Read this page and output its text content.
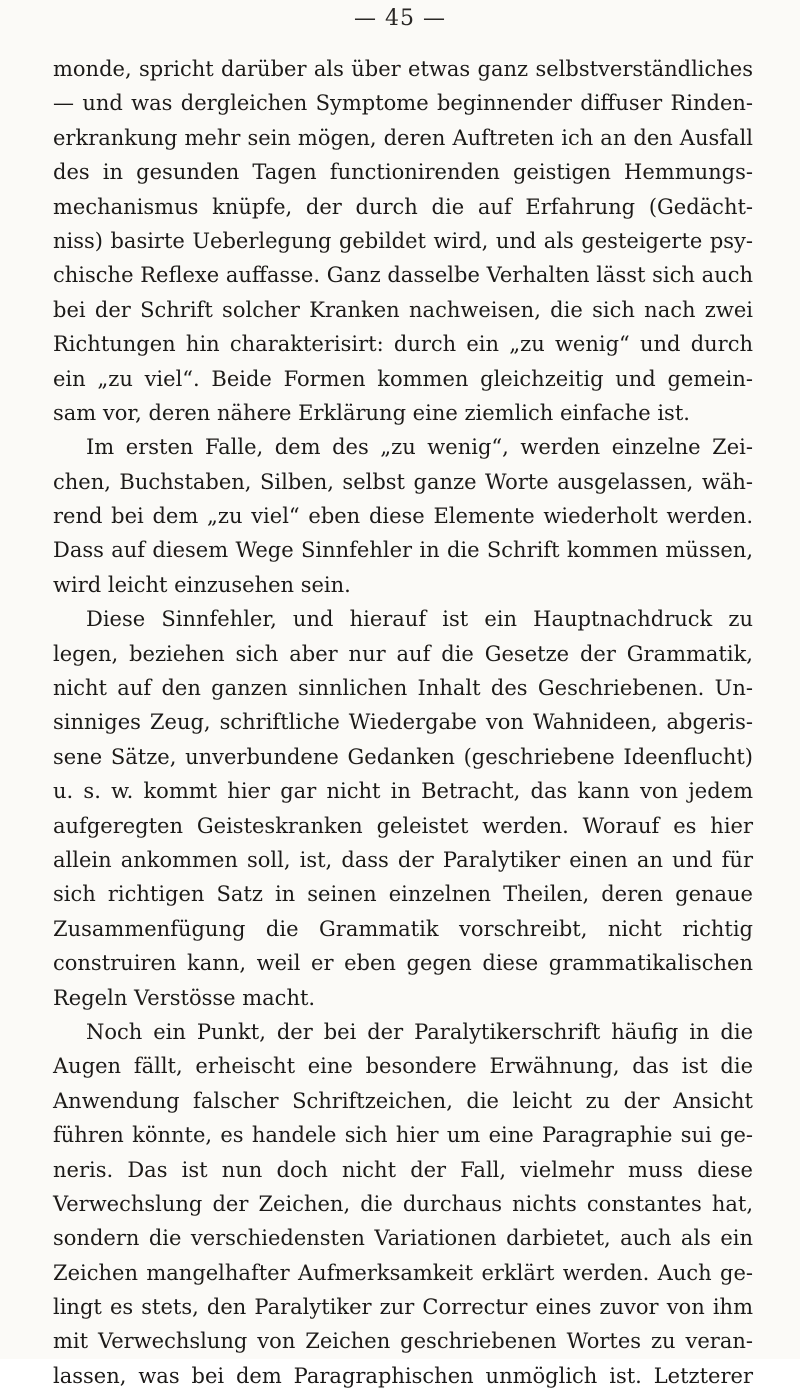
— 45 —
monde, spricht darüber als über etwas ganz selbstverständliches
— und was dergleichen Symptome beginnender diffuser Rinden-
erkrankung mehr sein mögen, deren Auftreten ich an den Ausfall
des in gesunden Tagen functionirenden geistigen Hemmungs-
mechanismus knüpfe, der durch die auf Erfahrung (Gedächt-
niss) basirte Ueberlegung gebildet wird, und als gesteigerte psy-
chische Reflexe auffasse. Ganz dasselbe Verhalten lässt sich auch
bei der Schrift solcher Kranken nachweisen, die sich nach zwei
Richtungen hin charakterisirt: durch ein „zu wenig“ und durch
ein „zu viel“. Beide Formen kommen gleichzeitig und gemein-
sam vor, deren nähere Erklärung eine ziemlich einfache ist.
Im ersten Falle, dem des „zu wenig“, werden einzelne Zei-
chen, Buchstaben, Silben, selbst ganze Worte ausgelassen, wäh-
rend bei dem „zu viel“ eben diese Elemente wiederholt werden.
Dass auf diesem Wege Sinnfehler in die Schrift kommen müssen,
wird leicht einzusehen sein.
Diese Sinnfehler, und hierauf ist ein Hauptnachdruck zu
legen, beziehen sich aber nur auf die Gesetze der Grammatik,
nicht auf den ganzen sinnlichen Inhalt des Geschriebenen. Un-
sinniges Zeug, schriftliche Wiedergabe von Wahnideen, abgeris-
sene Sätze, unverbundene Gedanken (geschriebene Ideenflucht)
u. s. w. kommt hier gar nicht in Betracht, das kann von jedem
aufgeregten Geisteskranken geleistet werden. Worauf es hier
allein ankommen soll, ist, dass der Paralytiker einen an und für
sich richtigen Satz in seinen einzelnen Theilen, deren genaue
Zusammenfügung die Grammatik vorschreibt, nicht richtig
construiren kann, weil er eben gegen diese grammatikalischen
Regeln Verstösse macht.
Noch ein Punkt, der bei der Paralytikerschrift häufig in die
Augen fällt, erheischt eine besondere Erwähnung, das ist die
Anwendung falscher Schriftzeichen, die leicht zu der Ansicht
führen könnte, es handele sich hier um eine Paragraphie sui ge-
neris. Das ist nun doch nicht der Fall, vielmehr muss diese
Verwechslung der Zeichen, die durchaus nichts constantes hat,
sondern die verschiedensten Variationen darbietet, auch als ein
Zeichen mangelhafter Aufmerksamkeit erklärt werden. Auch ge-
lingt es stets, den Paralytiker zur Correctur eines zuvor von ihm
mit Verwechslung von Zeichen geschriebenen Wortes zu veran-
lassen, was bei dem Paragraphischen unmöglich ist. Letzterer
